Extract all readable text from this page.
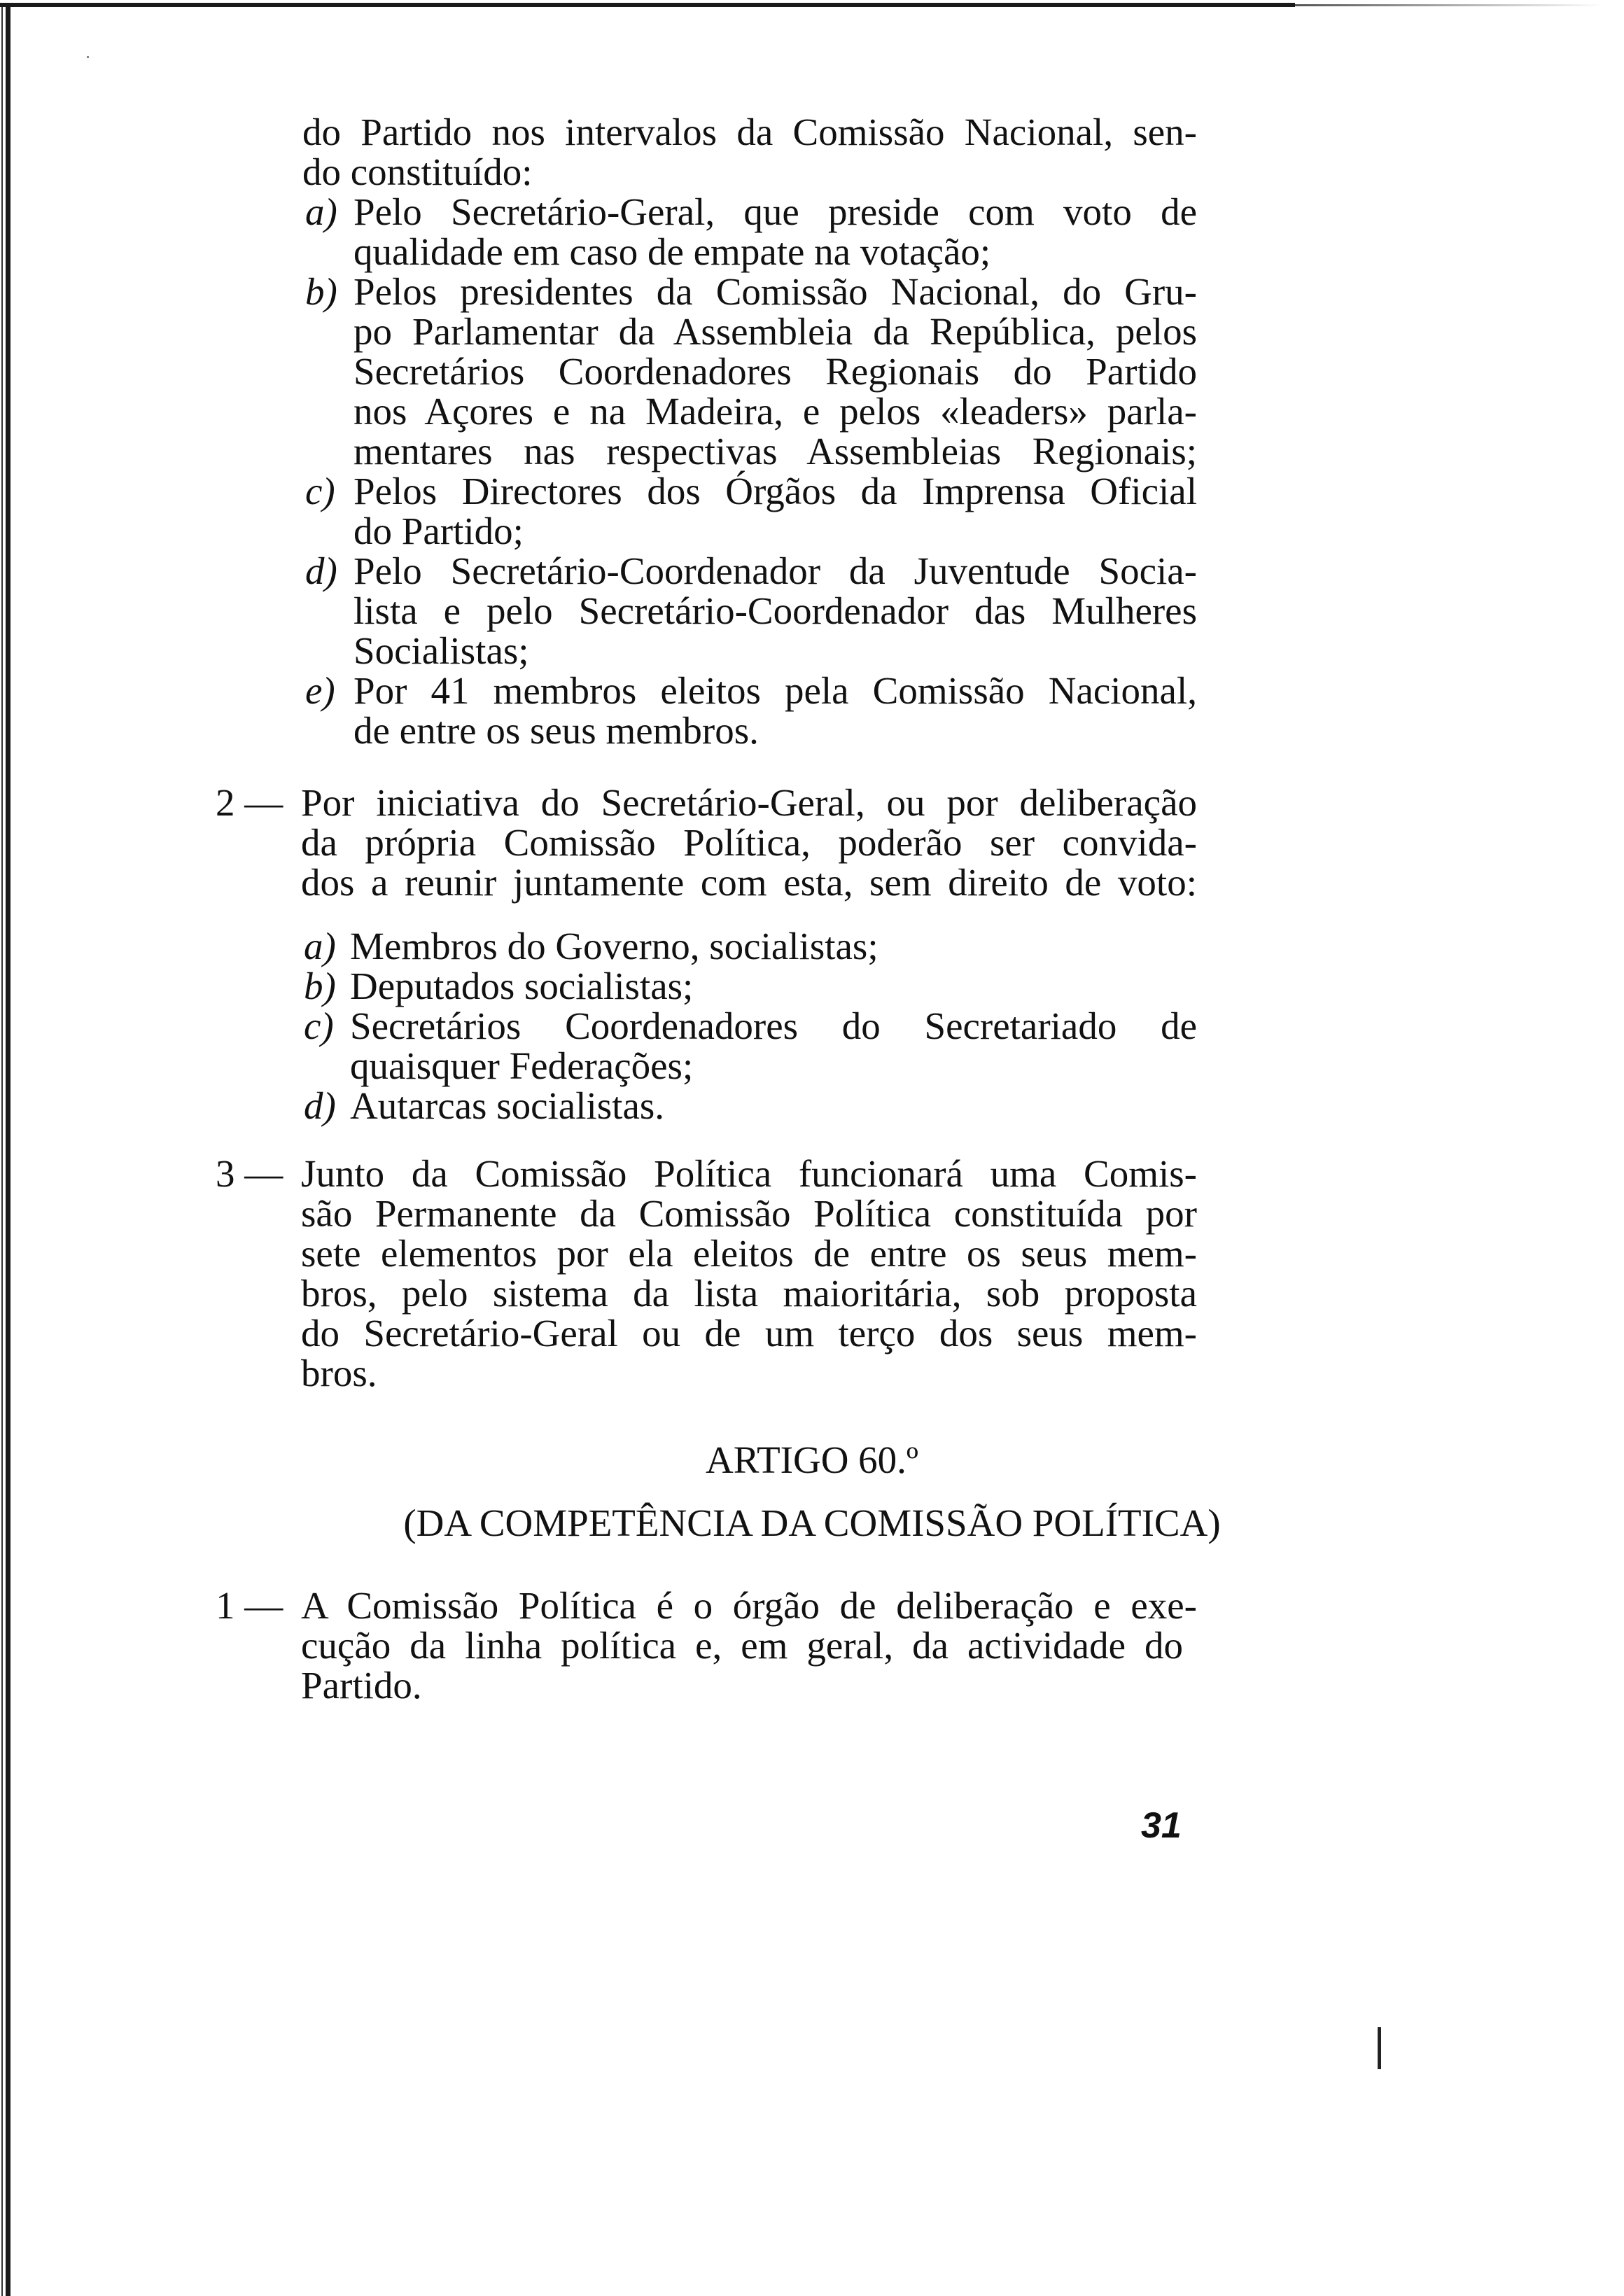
do Partido nos intervalos da Comissão Nacional, sen-
do constituído:
a) Pelo Secretário-Geral, que preside com voto de
qualidade em caso de empate na votação;
b) Pelos presidentes da Comissão Nacional, do Gru-
po Parlamentar da Assembleia da República, pelos
Secretários Coordenadores Regionais do Partido
nos Açores e na Madeira, e pelos «leaders» parla-
mentares nas respectivas Assembleias Regionais;
c) Pelos Directores dos Órgãos da Imprensa Oficial
do Partido;
d) Pelo Secretário-Coordenador da Juventude Socia-
lista e pelo Secretário-Coordenador das Mulheres
Socialistas;
e) Por 41 membros eleitos pela Comissão Nacional,
de entre os seus membros.
2 — Por iniciativa do Secretário-Geral, ou por deliberação
da própria Comissão Política, poderão ser convida-
dos a reunir juntamente com esta, sem direito de voto:
a) Membros do Governo, socialistas;
b) Deputados socialistas;
c) Secretários Coordenadores do Secretariado de
quaisquer Federações;
d) Autarcas socialistas.
3 — Junto da Comissão Política funcionará uma Comis-
são Permanente da Comissão Política constituída por
sete elementos por ela eleitos de entre os seus mem-
bros, pelo sistema da lista maioritária, sob proposta
do Secretário-Geral ou de um terço dos seus mem-
bros.
ARTIGO 60.º
(DA COMPETÊNCIA DA COMISSÃO POLÍTICA)
1 — A Comissão Política é o órgão de deliberação e exe-
cução da linha política e, em geral, da actividade do
Partido.
31
